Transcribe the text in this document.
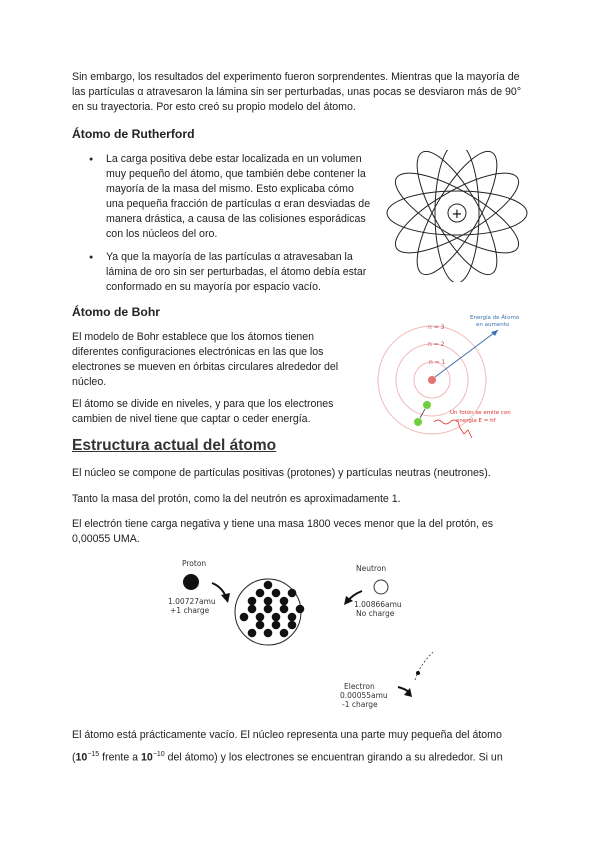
Sin embargo, los resultados del experimento fueron sorprendentes. Mientras que la mayoría de las partículas α atravesaron la lámina sin ser perturbadas, unas pocas se desviaron más de 90° en su trayectoria. Por esto creó su propio modelo del átomo.

Átomo de Rutherford
● La carga positiva debe estar localizada en un volumen muy pequeño del átomo, que también debe contener la mayoría de la masa del mismo. Esto explicaba cómo una pequeña fracción de partículas α eran desviadas de manera drástica, a causa de las colisiones esporádicas con los núcleos del oro.
● Ya que la mayoría de las partículas α atravesaban la lámina de oro sin ser perturbadas, el átomo debía estar conformado en su mayoría por espacio vacío.
+
Átomo de Bohr

El modelo de Bohr establece que los átomos tienen diferentes configuraciones electrónicas en las que los electrones se mueven en órbitas circulares alrededor del núcleo.

El átomo se divide en niveles, y para que los electrones cambien de nivel tiene que captar o ceder energía.

n = 3
n = 2
n = 1
Energía de Átomo
en aumento
Un fotón se emite con
energía E = hf
Estructura actual del átomo

El núcleo se compone de partículas positivas (protones) y partículas neutras (neutrones).

Tanto la masa del protón, como la del neutrón es aproximadamente 1.

El electrón tiene carga negativa y tiene una masa 1800 veces menor que la del protón, es 0,00055 UMA.

Proton
1.00727amu
+1 charge
Neutron
1.00866amu
No charge
Electron
0.00055amu
-1 charge

El átomo está prácticamente vacío. El núcleo representa una parte muy pequeña del átomo

($10^{-15}$ frente a $10^{-10}$ del átomo) y los electrones se encuentran girando a su alrededor. Si un
